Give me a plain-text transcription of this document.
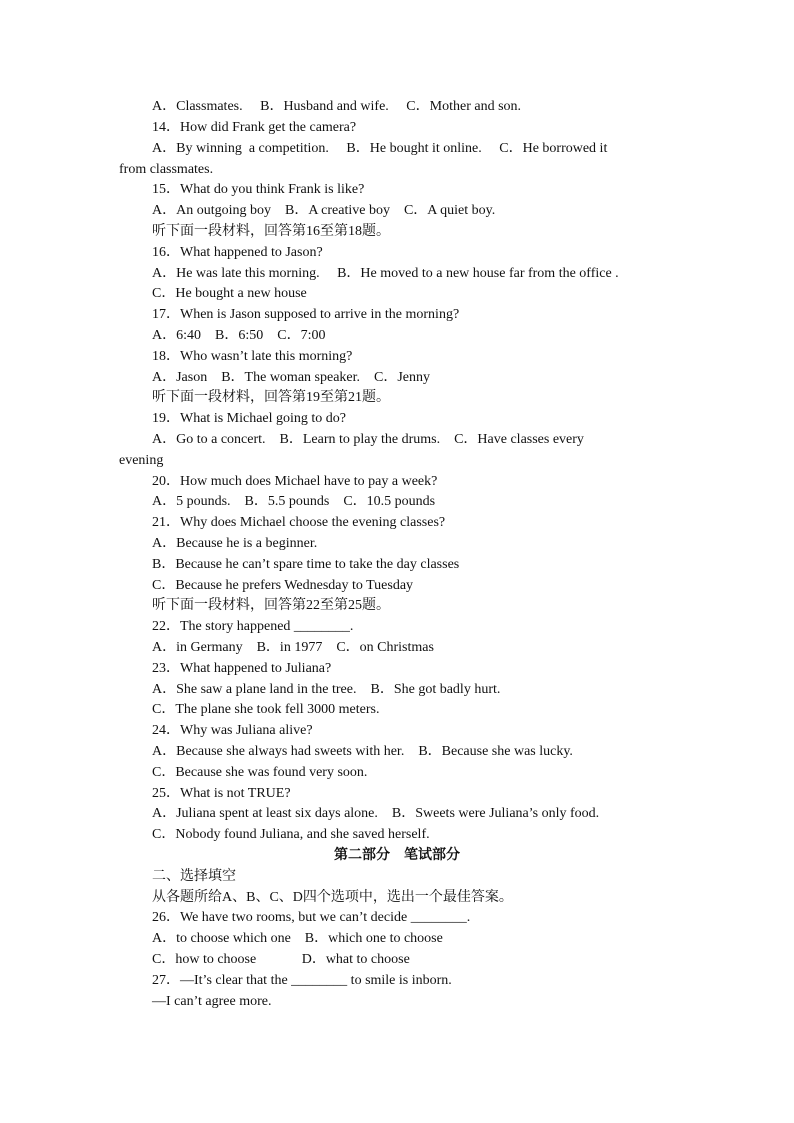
A．Classmates.　 B．Husband and wife.　 C．Mother and son.
14．How did Frank get the camera?
A．By winning  a competition.　 B．He bought it online.　 C．He borrowed it
from classmates.
15．What do you think Frank is like?
A．An outgoing boy　B．A creative boy　C．A quiet boy.
听下面一段材料，回答第16至第18题。
16．What happened to Jason?
A．He was late this morning.　 B．He moved to a new house far from the office .
C．He bought a new house
17．When is Jason supposed to arrive in the morning?
A．6:40　B．6:50　C．7:00
18．Who wasn’t late this morning?
A．Jason　B．The woman speaker.　C．Jenny
听下面一段材料，回答第19至第21题。
19．What is Michael going to do?
A．Go to a concert.　B．Learn to play the drums.　C．Have classes every
evening
20．How much does Michael have to pay a week?
A．5 pounds.　B．5.5 pounds　C．10.5 pounds
21．Why does Michael choose the evening classes?
A．Because he is a beginner.
B．Because he can’t spare time to take the day classes
C．Because he prefers Wednesday to Tuesday
听下面一段材料，回答第22至第25题。
22．The story happened ________.
A．in Germany　B．in 1977　C．on Christmas
23．What happened to Juliana?
A．She saw a plane land in the tree.　B．She got badly hurt.
C．The plane she took fell 3000 meters.
24．Why was Juliana alive?
A．Because she always had sweets with her.　B．Because she was lucky.
C．Because she was found very soon.
25．What is not TRUE?
A．Juliana spent at least six days alone.　B．Sweets were Juliana’s only food.
C．Nobody found Juliana, and she saved herself.
第二部分　笔试部分
二、选择填空
从各题所给A、B、C、D四个选项中，选出一个最佳答案。
26．We have two rooms, but we can’t decide ________.
A．to choose which one　B．which one to choose
C．how to choose　　　 D．what to choose
27．—It’s clear that the ________ to smile is inborn.
—I can’t agree more.
